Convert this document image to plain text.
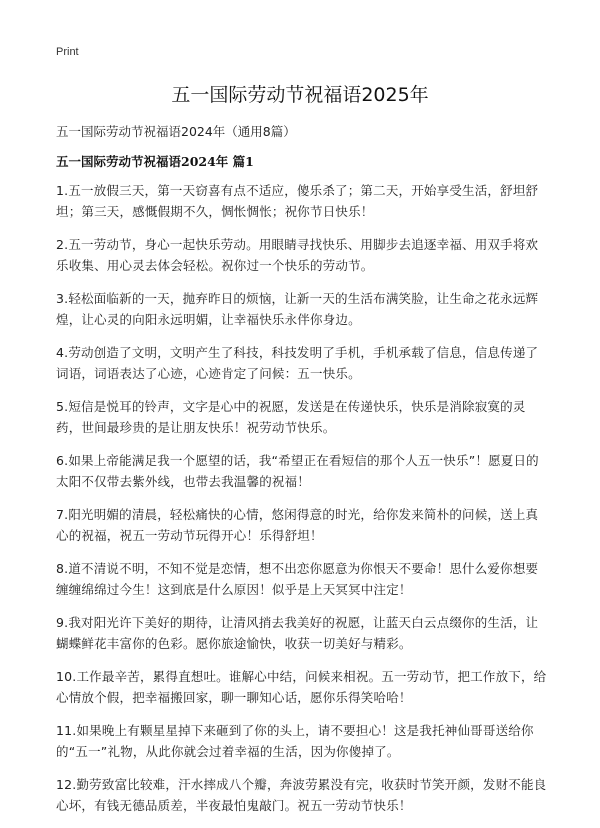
Print
五一国际劳动节祝福语2025年
五一国际劳动节祝福语2024年（通用8篇）
五一国际劳动节祝福语2024年 篇1

1.五一放假三天，第一天窃喜有点不适应，傻乐杀了；第二天，开始享受生活，舒坦舒坦；第三天，感慨假期不久，惆怅惆怅；祝你节日快乐！

2.五一劳动节，身心一起快乐劳动。用眼睛寻找快乐、用脚步去追逐幸福、用双手将欢乐收集、用心灵去体会轻松。祝你过一个快乐的劳动节。

3.轻松面临新的一天，抛弃昨日的烦恼，让新一天的生活布满笑脸，让生命之花永远辉煌，让心灵的向阳永远明媚，让幸福快乐永伴你身边。

4.劳动创造了文明，文明产生了科技，科技发明了手机，手机承载了信息，信息传递了词语，词语表达了心迹，心迹肯定了问候：五一快乐。

5.短信是悦耳的铃声，文字是心中的祝愿，发送是在传递快乐，快乐是消除寂寞的灵药，世间最珍贵的是让朋友快乐！祝劳动节快乐。

6.如果上帝能满足我一个愿望的话，我“希望正在看短信的那个人五一快乐”！愿夏日的太阳不仅带去紫外线，也带去我温馨的祝福！

7.阳光明媚的清晨，轻松痛快的心情，悠闲得意的时光，给你发来简朴的问候，送上真心的祝福，祝五一劳动节玩得开心！乐得舒坦！

8.道不清说不明，不知不觉是恋情，想不出恋你愿意为你恨天不要命！思什么爱你想要缠缠绵绵过今生！这到底是什么原因！似乎是上天冥冥中注定！

9.我对阳光许下美好的期待，让清风捎去我美好的祝愿，让蓝天白云点缀你的生活，让蝴蝶鲜花丰富你的色彩。愿你旅途愉快，收获一切美好与精彩。

10.工作最辛苦，累得直想吐。谁解心中结，问候来相祝。五一劳动节，把工作放下，给心情放个假，把幸福搬回家，聊一聊知心话，愿你乐得笑哈哈！

11.如果晚上有颗星星掉下来砸到了你的头上，请不要担心！这是我托神仙哥哥送给你的“五一”礼物，从此你就会过着幸福的生活，因为你傻掉了。

12.勤劳致富比较难，汗水摔成八个瓣，奔波劳累没有完，收获时节笑开颜，发财不能良心坏，有钱无德品质差，半夜最怕鬼敲门。祝五一劳动节快乐！
